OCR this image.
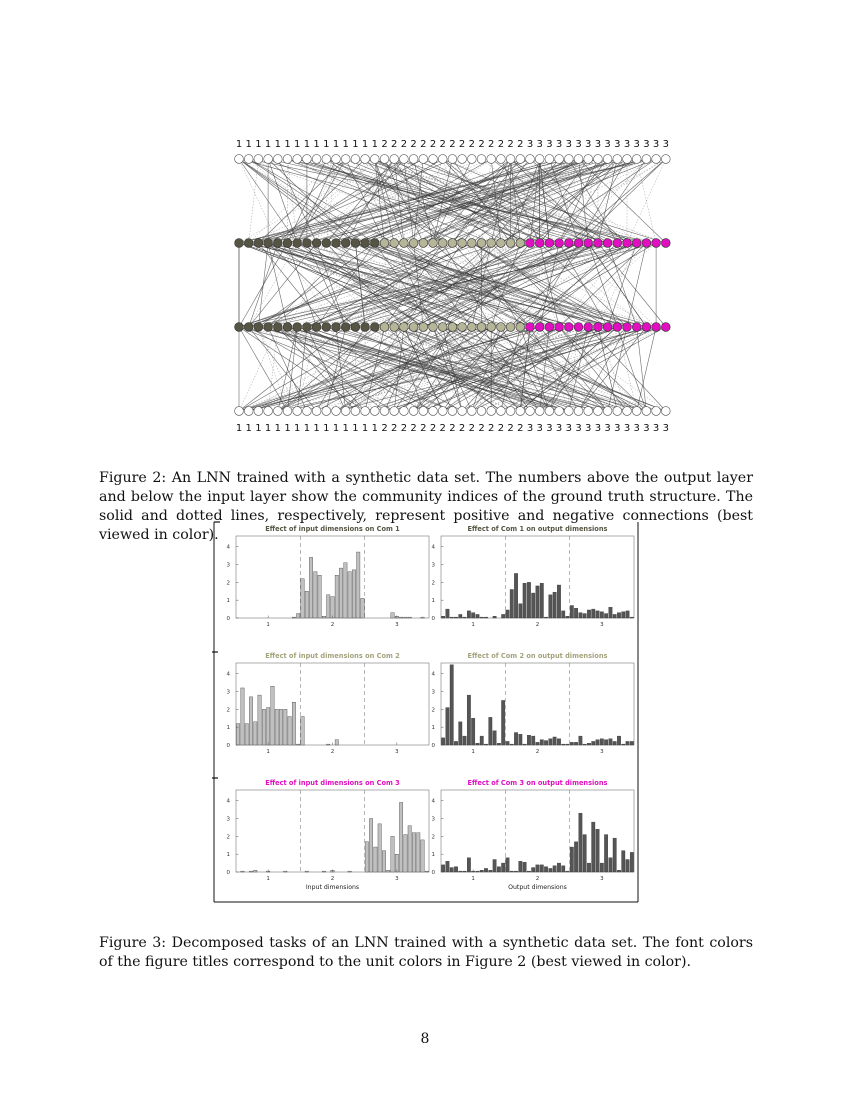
1 1 1 1 1 1 1 1 1 1 1 1 1 1 1 2 2 2 2 2 2 2 2 2 2 2 2 2 2 2 3 3 3 3 3 3 3 3 3 3 3 3 3 3 3
1 1 1 1 1 1 1 1 1 1 1 1 1 1 1 2 2 2 2 2 2 2 2 2 2 2 2 2 2 2 3 3 3 3 3 3 3 3 3 3 3 3 3 3 3

Figure 2: An LNN trained with a synthetic data set. The numbers above the output layer and below the input layer show the community indices of the ground truth structure. The solid and dotted lines, respectively, represent positive and negative connections (best viewed in color).	Effect of input dimensions on Com 1
0
1
2
3
4
1	2	3
Effect of Com 1 on output dimensions
0
1
2
3
4
1	2	3
Effect of input dimensions on Com 2
0
1
2
3
4
1	2	3
Effect of Com 2 on output dimensions
0
1
2
3
4
1	2	3
Effect of input dimensions on Com 3
0
1
2
3
4
1	2	3
Effect of Com 3 on output dimensions
0
1
2
3
4
1	2	3
Input dimensions	Output dimensions

Figure 3: Decomposed tasks of an LNN trained with a synthetic data set. The font colors of the figure titles correspond to the unit colors in Figure 2 (best viewed in color).

8
